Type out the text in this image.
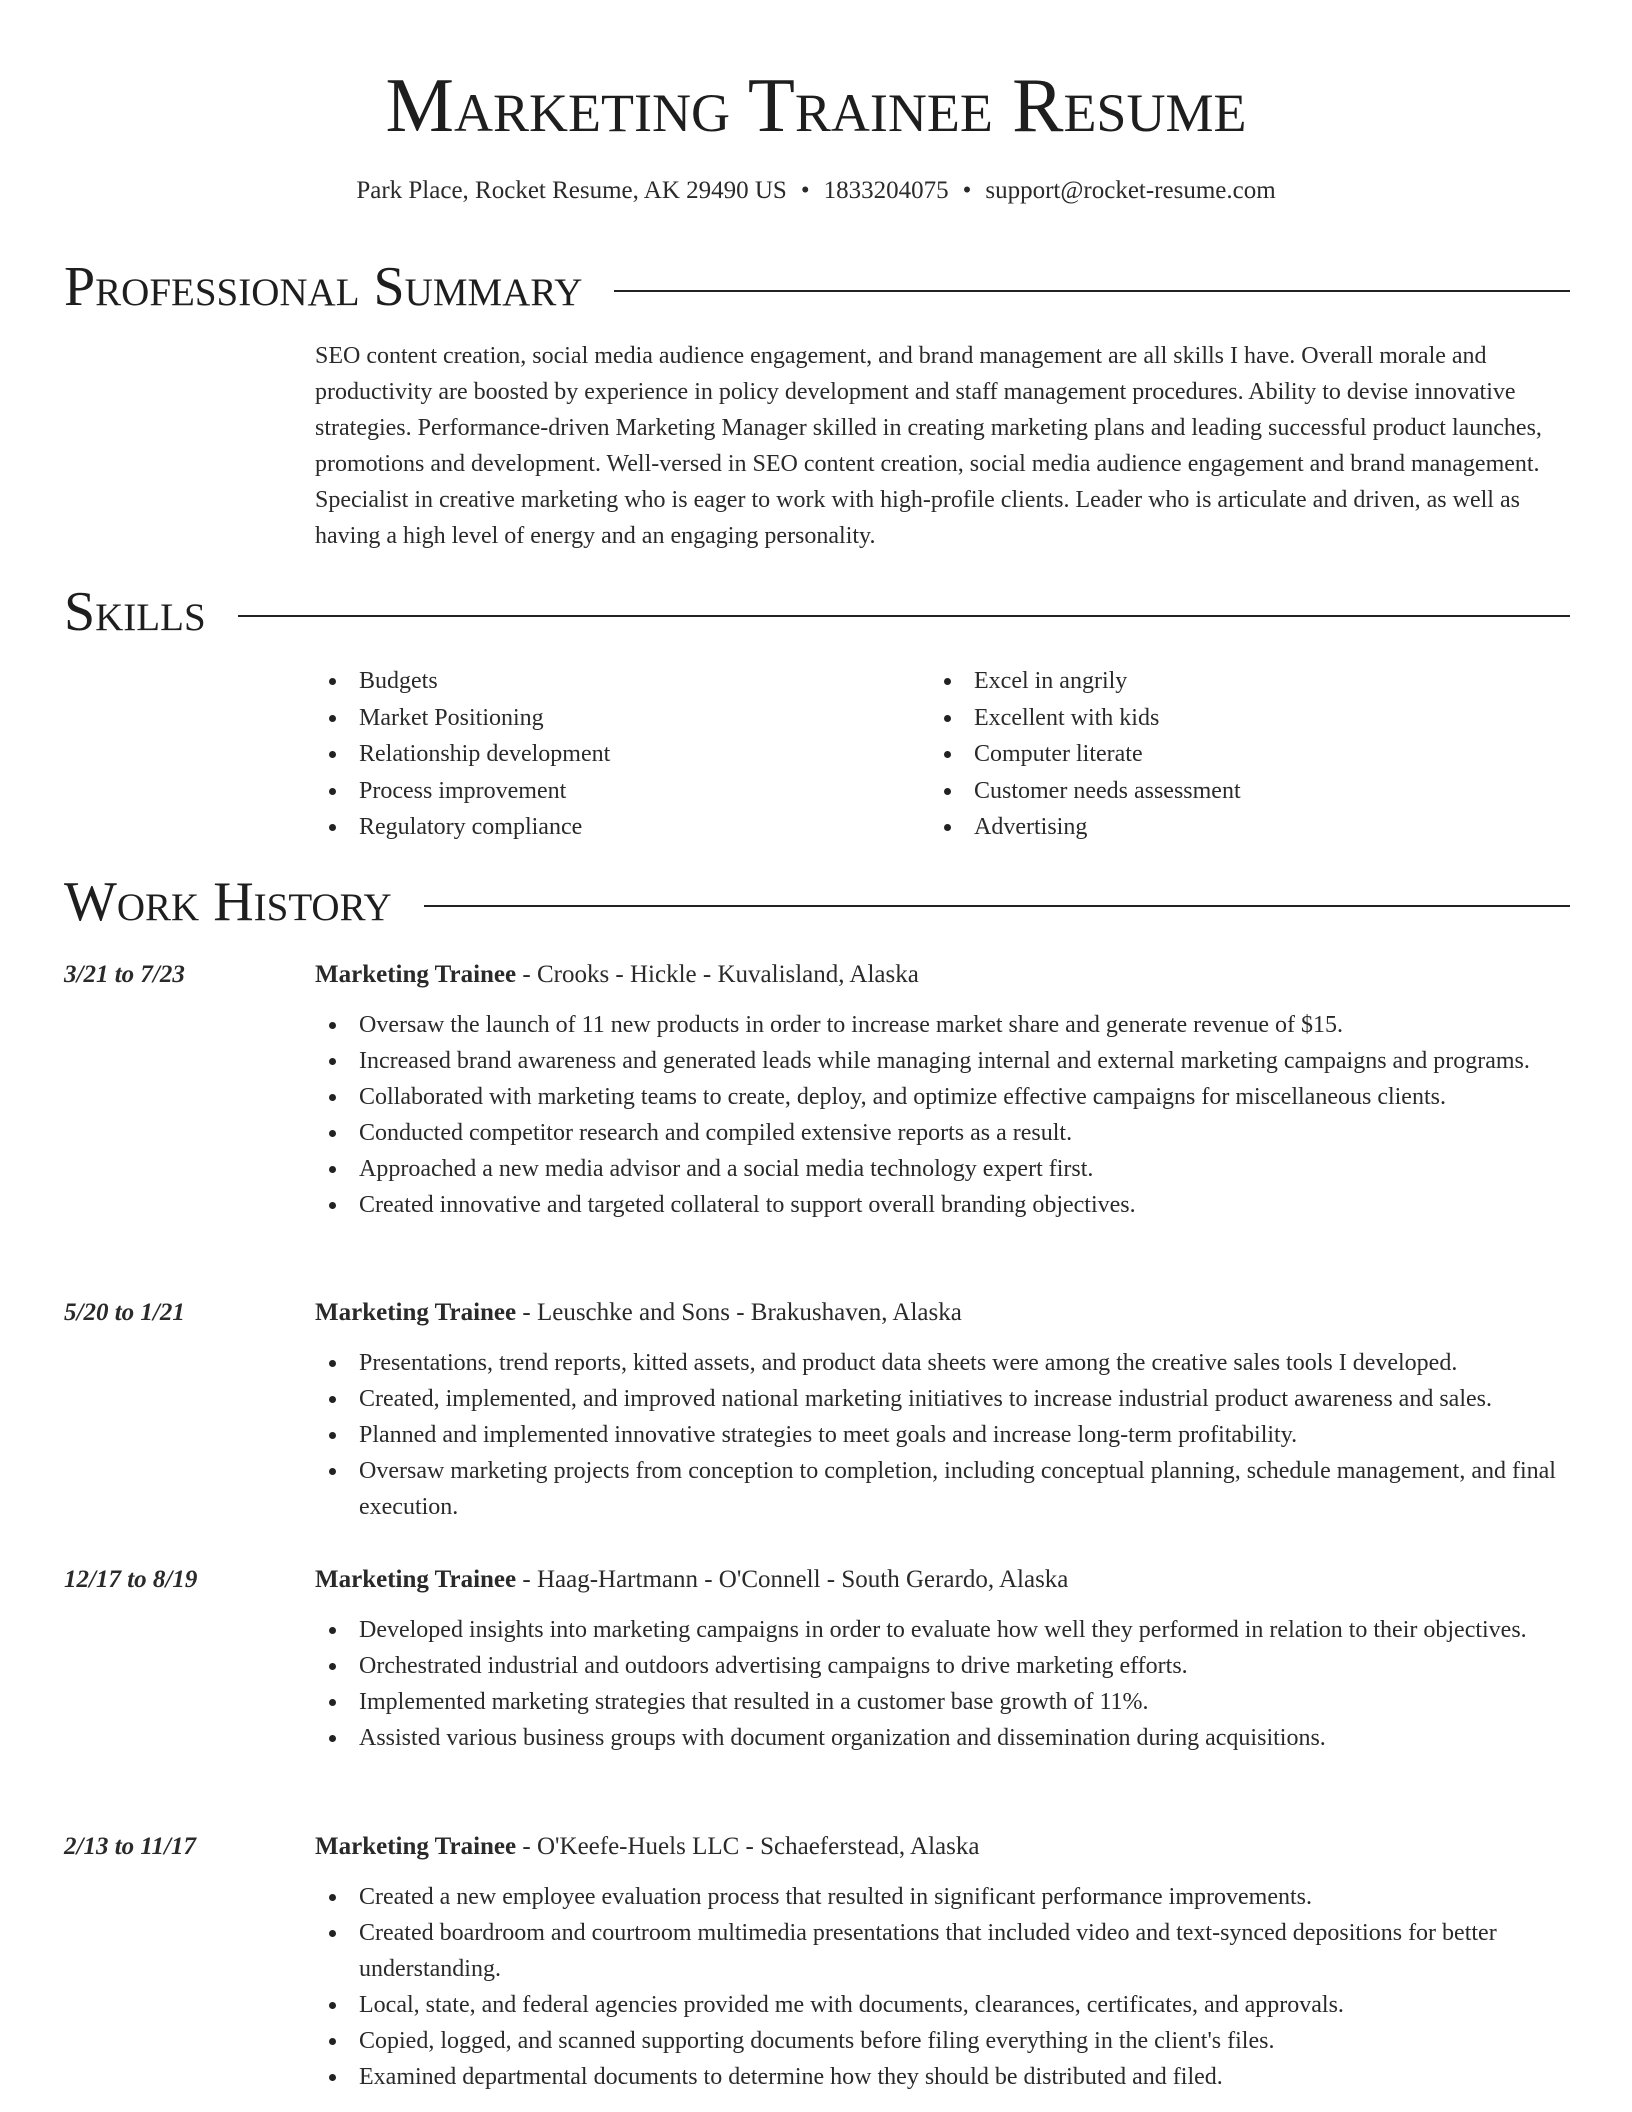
Marketing Trainee Resume
Park Place, Rocket Resume, AK 29490 US • 1833204075 • support@rocket-resume.com
Professional Summary

SEO content creation, social media audience engagement, and brand management are all skills I have. Overall morale and productivity are boosted by experience in policy development and staff management procedures. Ability to devise innovative strategies. Performance-driven Marketing Manager skilled in creating marketing plans and leading successful product launches, promotions and development. Well-versed in SEO content creation, social media audience engagement and brand management. Specialist in creative marketing who is eager to work with high-profile clients. Leader who is articulate and driven, as well as having a high level of energy and an engaging personality.

Skills
Budgets
Market Positioning
Relationship development
Process improvement
Regulatory compliance
Excel in angrily
Excellent with kids
Computer literate
Customer needs assessment
Advertising
Work History
3/21 to 7/23	Marketing Trainee - Crooks - Hickle - Kuvalisland, Alaska
Oversaw the launch of 11 new products in order to increase market share and generate revenue of $15.
Increased brand awareness and generated leads while managing internal and external marketing campaigns and programs.
Collaborated with marketing teams to create, deploy, and optimize effective campaigns for miscellaneous clients.
Conducted competitor research and compiled extensive reports as a result.
Approached a new media advisor and a social media technology expert first.
Created innovative and targeted collateral to support overall branding objectives.
5/20 to 1/21	Marketing Trainee - Leuschke and Sons - Brakushaven, Alaska
Presentations, trend reports, kitted assets, and product data sheets were among the creative sales tools I developed.
Created, implemented, and improved national marketing initiatives to increase industrial product awareness and sales.
Planned and implemented innovative strategies to meet goals and increase long-term profitability.
Oversaw marketing projects from conception to completion, including conceptual planning, schedule management, and final execution.
12/17 to 8/19	Marketing Trainee - Haag-Hartmann - O'Connell - South Gerardo, Alaska
Developed insights into marketing campaigns in order to evaluate how well they performed in relation to their objectives.
Orchestrated industrial and outdoors advertising campaigns to drive marketing efforts.
Implemented marketing strategies that resulted in a customer base growth of 11%.
Assisted various business groups with document organization and dissemination during acquisitions.
2/13 to 11/17	Marketing Trainee - O'Keefe-Huels LLC - Schaeferstead, Alaska
Created a new employee evaluation process that resulted in significant performance improvements.
Created boardroom and courtroom multimedia presentations that included video and text-synced depositions for better understanding.
Local, state, and federal agencies provided me with documents, clearances, certificates, and approvals.
Copied, logged, and scanned supporting documents before filing everything in the client's files.
Examined departmental documents to determine how they should be distributed and filed.
